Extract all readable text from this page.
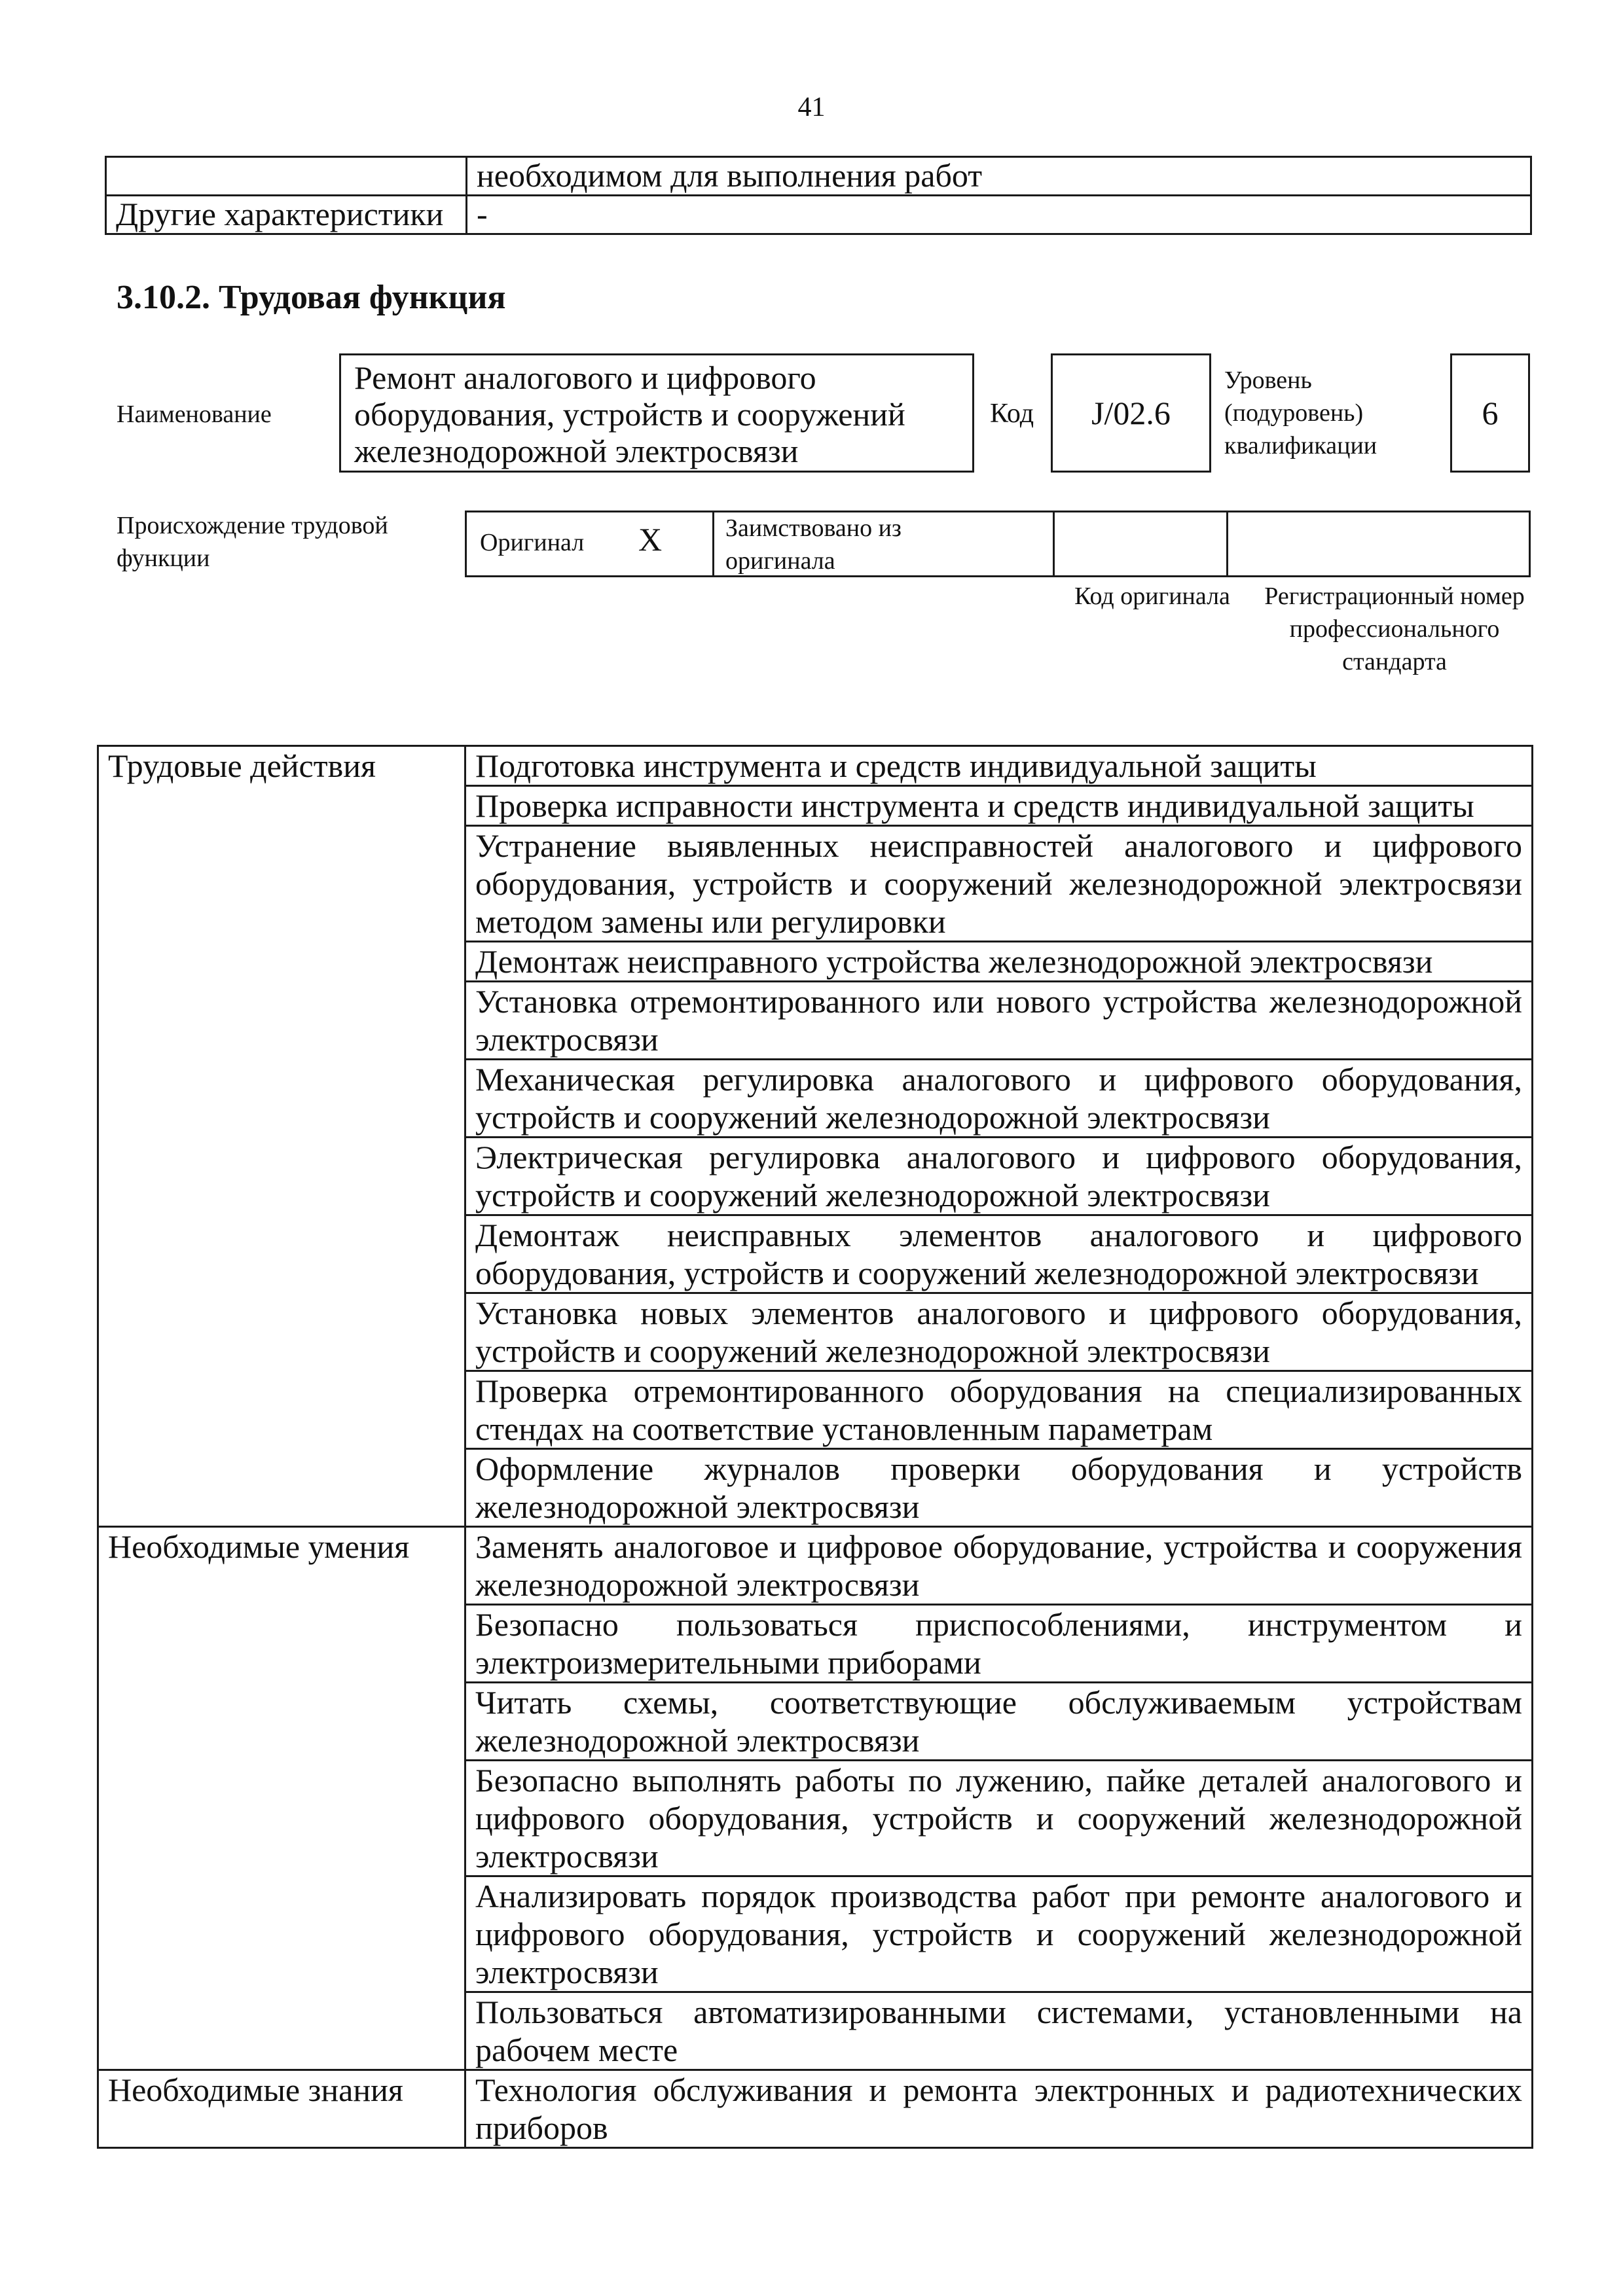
41
	необходимом для выполнения работ
Другие характеристики	-
3.10.2. Трудовая функция
Наименование
Ремонт аналогового и цифрового оборудования, устройств и сооружений железнодорожной электросвязи
Код	J/02.6
Уровень (подуровень) квалификации
6
Происхождение трудовой функции
Оригинал X	Заимствовано из оригинала
Код оригинала	Регистрационный номер профессионального стандарта
Трудовые действия	Подготовка инструмента и средств индивидуальной защиты
	Проверка исправности инструмента и средств индивидуальной защиты
	Устранение выявленных неисправностей аналогового и цифрового оборудования, устройств и сооружений железнодорожной электросвязи методом замены или регулировки
	Демонтаж неисправного устройства железнодорожной электросвязи
	Установка отремонтированного или нового устройства железнодорожной электросвязи
	Механическая регулировка аналогового и цифрового оборудования, устройств и сооружений железнодорожной электросвязи
	Электрическая регулировка аналогового и цифрового оборудования, устройств и сооружений железнодорожной электросвязи
	Демонтаж неисправных элементов аналогового и цифрового оборудования, устройств и сооружений железнодорожной электросвязи
	Установка новых элементов аналогового и цифрового оборудования, устройств и сооружений железнодорожной электросвязи
	Проверка отремонтированного оборудования на специализированных стендах на соответствие установленным параметрам
	Оформление журналов проверки оборудования и устройств железнодорожной электросвязи
Необходимые умения	Заменять аналоговое и цифровое оборудование, устройства и сооружения железнодорожной электросвязи
	Безопасно пользоваться приспособлениями, инструментом и электроизмерительными приборами
	Читать схемы, соответствующие обслуживаемым устройствам железнодорожной электросвязи
	Безопасно выполнять работы по лужению, пайке деталей аналогового и цифрового оборудования, устройств и сооружений железнодорожной электросвязи
	Анализировать порядок производства работ при ремонте аналогового и цифрового оборудования, устройств и сооружений железнодорожной электросвязи
	Пользоваться автоматизированными системами, установленными на рабочем месте
Необходимые знания	Технология обслуживания и ремонта электронных и радиотехнических приборов
